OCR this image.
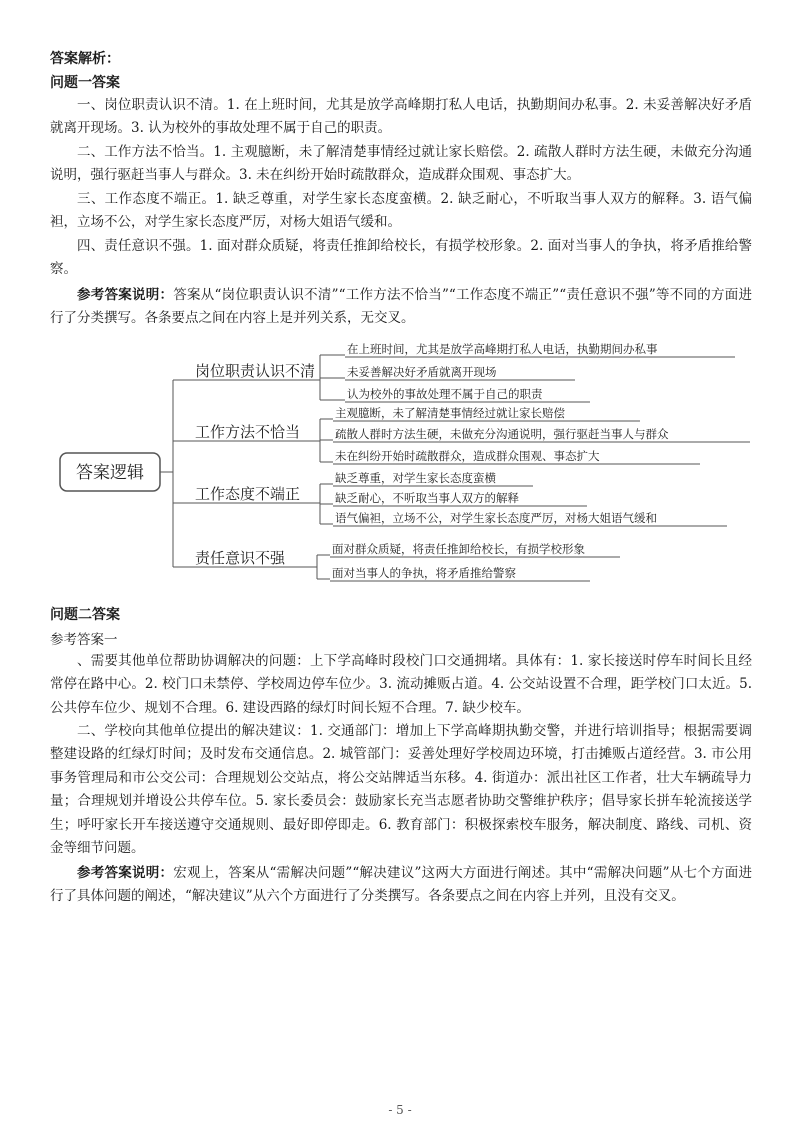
答案解析：
问题一答案

一、岗位职责认识不清。1. 在上班时间，尤其是放学高峰期打私人电话，执勤期间办私事。2. 未妥善解决好矛盾就离开现场。3. 认为校外的事故处理不属于自己的职责。

二、工作方法不恰当。1. 主观臆断，未了解清楚事情经过就让家长赔偿。2. 疏散人群时方法生硬，未做充分沟通说明，强行驱赶当事人与群众。3. 未在纠纷开始时疏散群众，造成群众围观、事态扩大。

三、工作态度不端正。1. 缺乏尊重，对学生家长态度蛮横。2. 缺乏耐心，不听取当事人双方的解释。3. 语气偏袒，立场不公，对学生家长态度严厉，对杨大姐语气缓和。

四、责任意识不强。1. 面对群众质疑，将责任推卸给校长，有损学校形象。2. 面对当事人的争执，将矛盾推给警察。

参考答案说明：答案从“岗位职责认识不清”“工作方法不恰当”“工作态度不端正”“责任意识不强”等不同的方面进行了分类撰写。各条要点之间在内容上是并列关系，无交叉。

答案逻辑
岗位职责认识不清
工作方法不恰当
工作态度不端正
责任意识不强
在上班时间，尤其是放学高峰期打私人电话，执勤期间办私事
未妥善解决好矛盾就离开现场
认为校外的事故处理不属于自己的职责
主观臆断，未了解清楚事情经过就让家长赔偿
疏散人群时方法生硬，未做充分沟通说明，强行驱赶当事人与群众
未在纠纷开始时疏散群众，造成群众围观、事态扩大
缺乏尊重，对学生家长态度蛮横
缺乏耐心，不听取当事人双方的解释
语气偏袒，立场不公，对学生家长态度严厉，对杨大姐语气缓和
面对群众质疑，将责任推卸给校长，有损学校形象
面对当事人的争执，将矛盾推给警察
问题二答案
参考答案一

、需要其他单位帮助协调解决的问题：上下学高峰时段校门口交通拥堵。具体有：1. 家长接送时停车时间长且经常停在路中心。2. 校门口未禁停、学校周边停车位少。3. 流动摊贩占道。4. 公交站设置不合理，距学校门口太近。5. 公共停车位少、规划不合理。6. 建设西路的绿灯时间长短不合理。7. 缺少校车。

二、学校向其他单位提出的解决建议：1. 交通部门：增加上下学高峰期执勤交警，并进行培训指导；根据需要调整建设路的红绿灯时间；及时发布交通信息。2. 城管部门：妥善处理好学校周边环境，打击摊贩占道经营。3. 市公用事务管理局和市公交公司：合理规划公交站点，将公交站牌适当东移。4. 街道办：派出社区工作者，壮大车辆疏导力量；合理规划并增设公共停车位。5. 家长委员会：鼓励家长充当志愿者协助交警维护秩序；倡导家长拼车轮流接送学生；呼吁家长开车接送遵守交通规则、最好即停即走。6. 教育部门：积极探索校车服务，解决制度、路线、司机、资金等细节问题。

参考答案说明：宏观上，答案从“需解决问题”“解决建议”这两大方面进行阐述。其中“需解决问题”从七个方面进行了具体问题的阐述，“解决建议”从六个方面进行了分类撰写。各条要点之间在内容上并列，且没有交叉。

- 5 -
